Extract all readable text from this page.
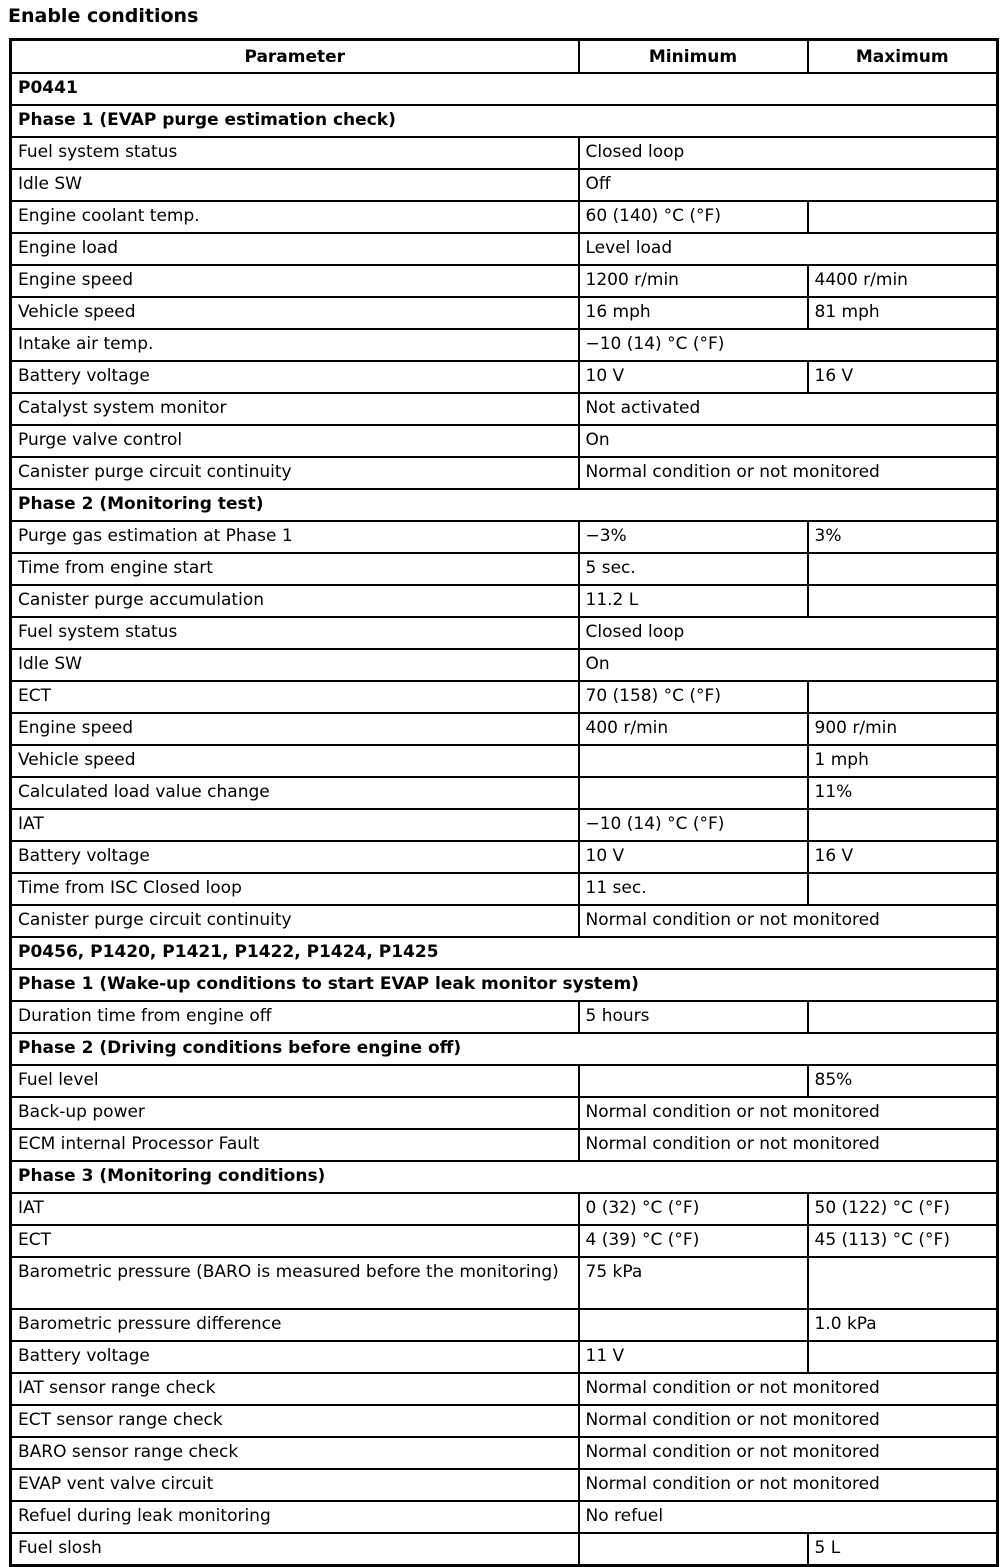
Enable conditions
Parameter	Minimum	Maximum
P0441		
Phase 1 (EVAP purge estimation check)		
Fuel system status	Closed loop	
Idle SW	Off	
Engine coolant temp.	60 (140) °C (°F)	
Engine load	Level load	
Engine speed	1200 r/min	4400 r/min
Vehicle speed	16 mph	81 mph
Intake air temp.	−10 (14) °C (°F)	
Battery voltage	10 V	16 V
Catalyst system monitor	Not activated	
Purge valve control	On	
Canister purge circuit continuity	Normal condition or not monitored	
Phase 2 (Monitoring test)		
Purge gas estimation at Phase 1	−3%	3%
Time from engine start	5 sec.	
Canister purge accumulation	11.2 L	
Fuel system status	Closed loop	
Idle SW	On	
ECT	70 (158) °C (°F)	
Engine speed	400 r/min	900 r/min
Vehicle speed		1 mph
Calculated load value change		11%
IAT	−10 (14) °C (°F)	
Battery voltage	10 V	16 V
Time from ISC Closed loop	11 sec.	
Canister purge circuit continuity	Normal condition or not monitored	
P0456, P1420, P1421, P1422, P1424, P1425		
Phase 1 (Wake-up conditions to start EVAP leak monitor system)		
Duration time from engine off	5 hours	
Phase 2 (Driving conditions before engine off)		
Fuel level		85%
Back-up power	Normal condition or not monitored	
ECM internal Processor Fault	Normal condition or not monitored	
Phase 3 (Monitoring conditions)		
IAT	0 (32) °C (°F)	50 (122) °C (°F)
ECT	4 (39) °C (°F)	45 (113) °C (°F)
Barometric pressure (BARO is measured before the monitoring)	75 kPa	
Barometric pressure difference		1.0 kPa
Battery voltage	11 V	
IAT sensor range check	Normal condition or not monitored	
ECT sensor range check	Normal condition or not monitored	
BARO sensor range check	Normal condition or not monitored	
EVAP vent valve circuit	Normal condition or not monitored	
Refuel during leak monitoring	No refuel	
Fuel slosh		5 L
